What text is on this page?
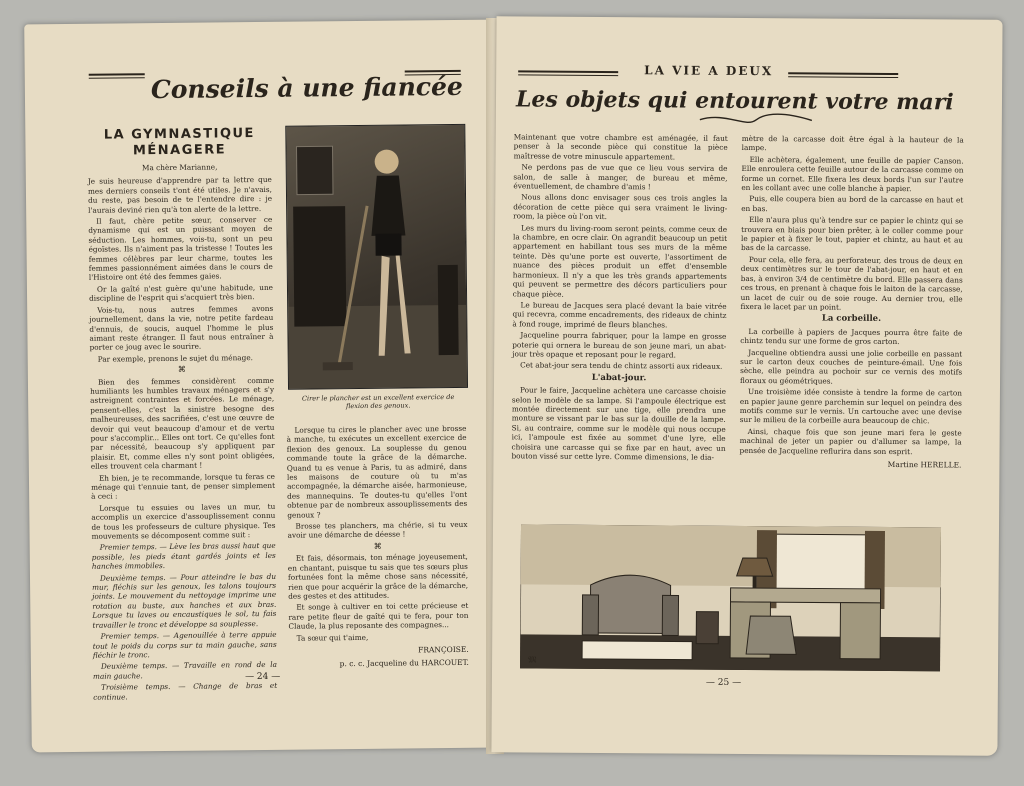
Conseils à une fiancée
LA GYMNASTIQUE MÉNAGERE

Ma chère Marianne,

Je suis heureuse d'apprendre par ta lettre que mes derniers conseils t'ont été utiles. Je n'avais, du reste, pas besoin de te l'entendre dire : je l'aurais deviné rien qu'à ton alerte de la lettre.

Il faut, chère petite sœur, conserver ce dynamisme qui est un puissant moyen de séduction. Les hommes, vois-tu, sont un peu égoïstes. Ils n'aiment pas la tristesse ! Toutes les femmes célèbres par leur charme, toutes les femmes passionnément aimées dans le cours de l'Histoire ont été des femmes gaies.

Or la gaîté n'est guère qu'une habitude, une discipline de l'esprit qui s'acquiert très bien.

Vois-tu, nous autres femmes avons journellement, dans la vie, notre petite fardeau d'ennuis, de soucis, auquel l'homme le plus aimant reste étranger. Il faut nous entraîner à porter ce joug avec le sourire.

Par exemple, prenons le sujet du ménage.

⌘

Bien des femmes considèrent comme humiliants les humbles travaux ménagers et s'y astreignent contraintes et forcées. Le ménage, pensent-elles, c'est la sinistre besogne des malheureuses, des sacrifiées, c'est une œuvre de devoir qui veut beaucoup d'amour et de vertu pour s'accomplir... Elles ont tort. Ce qu'elles font par nécessité, beaucoup s'y appliquent par plaisir. Et, comme elles n'y sont point obligées, elles trouvent cela charmant !

Eh bien, je te recommande, lorsque tu feras ce ménage qui t'ennuie tant, de penser simplement à ceci :

Lorsque tu essuies ou laves un mur, tu accomplis un exercice d'assouplissement connu de tous les professeurs de culture physique. Tes mouvements se décomposent comme suit :

Premier temps. — Lève les bras aussi haut que possible, les pieds étant gardés joints et les hanches immobiles.

Deuxième temps. — Pour atteindre le bas du mur, fléchis sur les genoux, les talons toujours joints. Le mouvement du nettoyage imprime une rotation au buste, aux hanches et aux bras. Lorsque tu laves ou encaustiques le sol, tu fais travailler le tronc et développe sa souplesse.

Premier temps. — Agenouillée à terre appuie tout le poids du corps sur ta main gauche, sans fléchir le tronc.

Deuxième temps. — Travaille en rond de la main gauche.

Troisième temps. — Change de bras et continue.

Cirer le plancher est un excellent exercice de flexion des genoux.

Lorsque tu cires le plancher avec une brosse à manche, tu exécutes un excellent exercice de flexion des genoux. La souplesse du genou commande toute la grâce de la démarche. Quand tu es venue à Paris, tu as admiré, dans les maisons de couture où tu m'as accompagnée, la démarche aisée, harmonieuse, des mannequins. Te doutes-tu qu'elles l'ont obtenue par de nombreux assouplissements des genoux ?

Brosse tes planchers, ma chérie, si tu veux avoir une démarche de déesse !

⌘

Et fais, désormais, ton ménage joyeusement, en chantant, puisque tu sais que tes sœurs plus fortunées font la même chose sans nécessité, rien que pour acquérir la grâce de la démarche, des gestes et des attitudes.

Et songe à cultiver en toi cette précieuse et rare petite fleur de gaîté qui te fera, pour ton Claude, la plus reposante des compagnes...

Ta sœur qui t'aime,

FRANÇOISE.
p. c. c. Jacqueline du HARCOUET.
— 24 —
LA VIE A DEUX
Les objets qui entourent votre mari

Maintenant que votre chambre est aménagée, il faut penser à la seconde pièce qui constitue la pièce maîtresse de votre minuscule appartement.

Ne perdons pas de vue que ce lieu vous servira de salon, de salle à manger, de bureau et même, éventuellement, de chambre d'amis !

Nous allons donc envisager sous ces trois angles la décoration de cette pièce qui sera vraiment le living-room, la pièce où l'on vit.

Les murs du living-room seront peints, comme ceux de la chambre, en ocre clair. On agrandit beaucoup un petit appartement en habillant tous ses murs de la même teinte. Dès qu'une porte est ouverte, l'assortiment de nuance des pièces produit un effet d'ensemble harmonieux. Il n'y a que les très grands appartements qui peuvent se permettre des décors particuliers pour chaque pièce.

Le bureau de Jacques sera placé devant la baie vitrée qui recevra, comme encadrements, des rideaux de chintz à fond rouge, imprimé de fleurs blanches.

Jacqueline pourra fabriquer, pour la lampe en grosse poterie qui ornera le bureau de son jeune mari, un abat-jour très opaque et reposant pour le regard.

Cet abat-jour sera tendu de chintz assorti aux rideaux.

L'abat-jour.

Pour le faire, Jacqueline achètera une carcasse choisie selon le modèle de sa lampe. Si l'ampoule électrique est montée directement sur une tige, elle prendra une monture se vissant par le bas sur la douille de la lampe. Si, au contraire, comme sur le modèle qui nous occupe ici, l'ampoule est fixée au sommet d'une lyre, elle choisira une carcasse qui se fixe par en haut, avec un bouton vissé sur cette lyre. Comme dimensions, le dia-

mètre de la carcasse doit être égal à la hauteur de la lampe.

Elle achètera, également, une feuille de papier Canson. Elle enroulera cette feuille autour de la carcasse comme on forme un cornet. Elle fixera les deux bords l'un sur l'autre en les collant avec une colle blanche à papier.

Puis, elle coupera bien au bord de la carcasse en haut et en bas.

Elle n'aura plus qu'à tendre sur ce papier le chintz qui se trouvera en biais pour bien prêter, à le coller comme pour le papier et à fixer le tout, papier et chintz, au haut et au bas de la carcasse.

Pour cela, elle fera, au perforateur, des trous de deux en deux centimètres sur le tour de l'abat-jour, en haut et en bas, à environ 3/4 de centimètre du bord. Elle passera dans ces trous, en prenant à chaque fois le laiton de la carcasse, un lacet de cuir ou de soie rouge. Au dernier trou, elle fixera le lacet par un point.

La corbeille.

La corbeille à papiers de Jacques pourra être faite de chintz tendu sur une forme de gros carton.

Jacqueline obtiendra aussi une jolie corbeille en passant sur le carton deux couches de peinture-émail. Une fois sèche, elle peindra au pochoir sur ce vernis des motifs floraux ou géométriques.

Une troisième idée consiste à tendre la forme de carton en papier jaune genre parchemin sur lequel on peindra des motifs comme sur le vernis. Un cartouche avec une devise sur le milieu de la corbeille aura beaucoup de chic.

Ainsi, chaque fois que son jeune mari fera le geste machinal de jeter un papier ou d'allumer sa lampe, la pensée de Jacqueline reflurira dans son esprit.

Martine HERELLE.
𝔐
— 25 —
